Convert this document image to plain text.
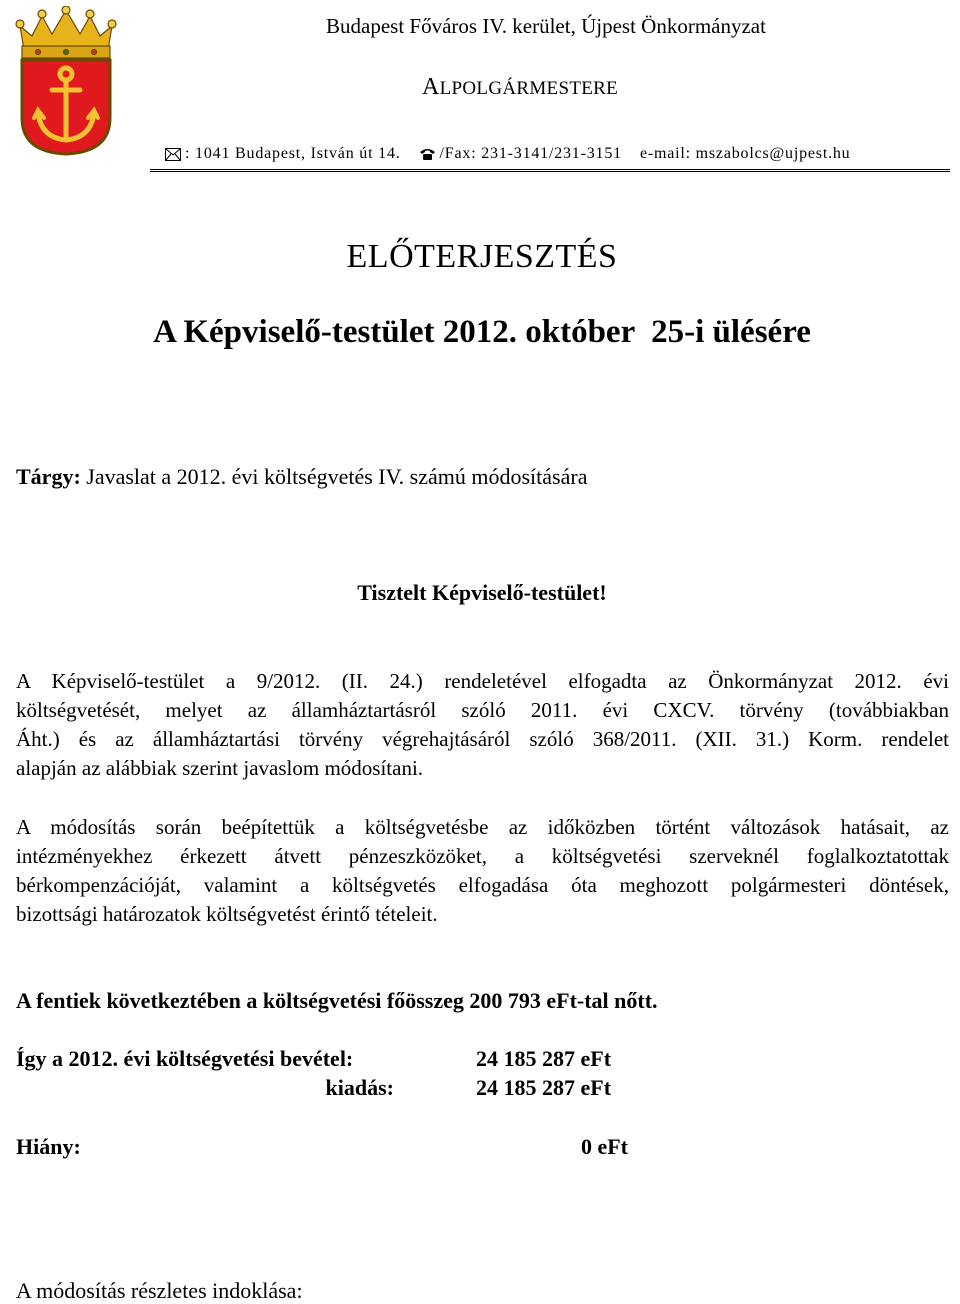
Budapest Főváros IV. kerület, Újpest Önkormányzat
ALPOLGÁRMESTERE
: 1041 Budapest, István út 14. /Fax: 231-3141/231-3151 e-mail: mszabolcs@ujpest.hu
ELŐTERJESZTÉS
A Képviselő-testület 2012. október  25-i ülésére
Tárgy: Javaslat a 2012. évi költségvetés IV. számú módosítására
Tisztelt Képviselő-testület!
A Képviselő-testület a 9/2012. (II. 24.) rendeletével elfogadta az Önkormányzat 2012. évi
költségvetését, melyet az államháztartásról szóló 2011. évi CXCV. törvény (továbbiakban
Áht.) és az államháztartási törvény végrehajtásáról szóló 368/2011. (XII. 31.) Korm. rendelet
alapján az alábbiak szerint javaslom módosítani.
A módosítás során beépítettük a költségvetésbe az időközben történt változások hatásait, az
intézményekhez érkezett átvett pénzeszközöket, a költségvetési szerveknél foglalkoztatottak
bérkompenzációját, valamint a költségvetés elfogadása óta meghozott polgármesteri döntések,
bizottsági határozatok költségvetést érintő tételeit.
A fentiek következtében a költségvetési főösszeg 200 793 eFt-tal nőtt.
Így a 2012. évi költségvetési bevétel:	24 185 287 eFt
kiadás:	24 185 287 eFt
Hiány:	0 eFt
A módosítás részletes indoklása:
